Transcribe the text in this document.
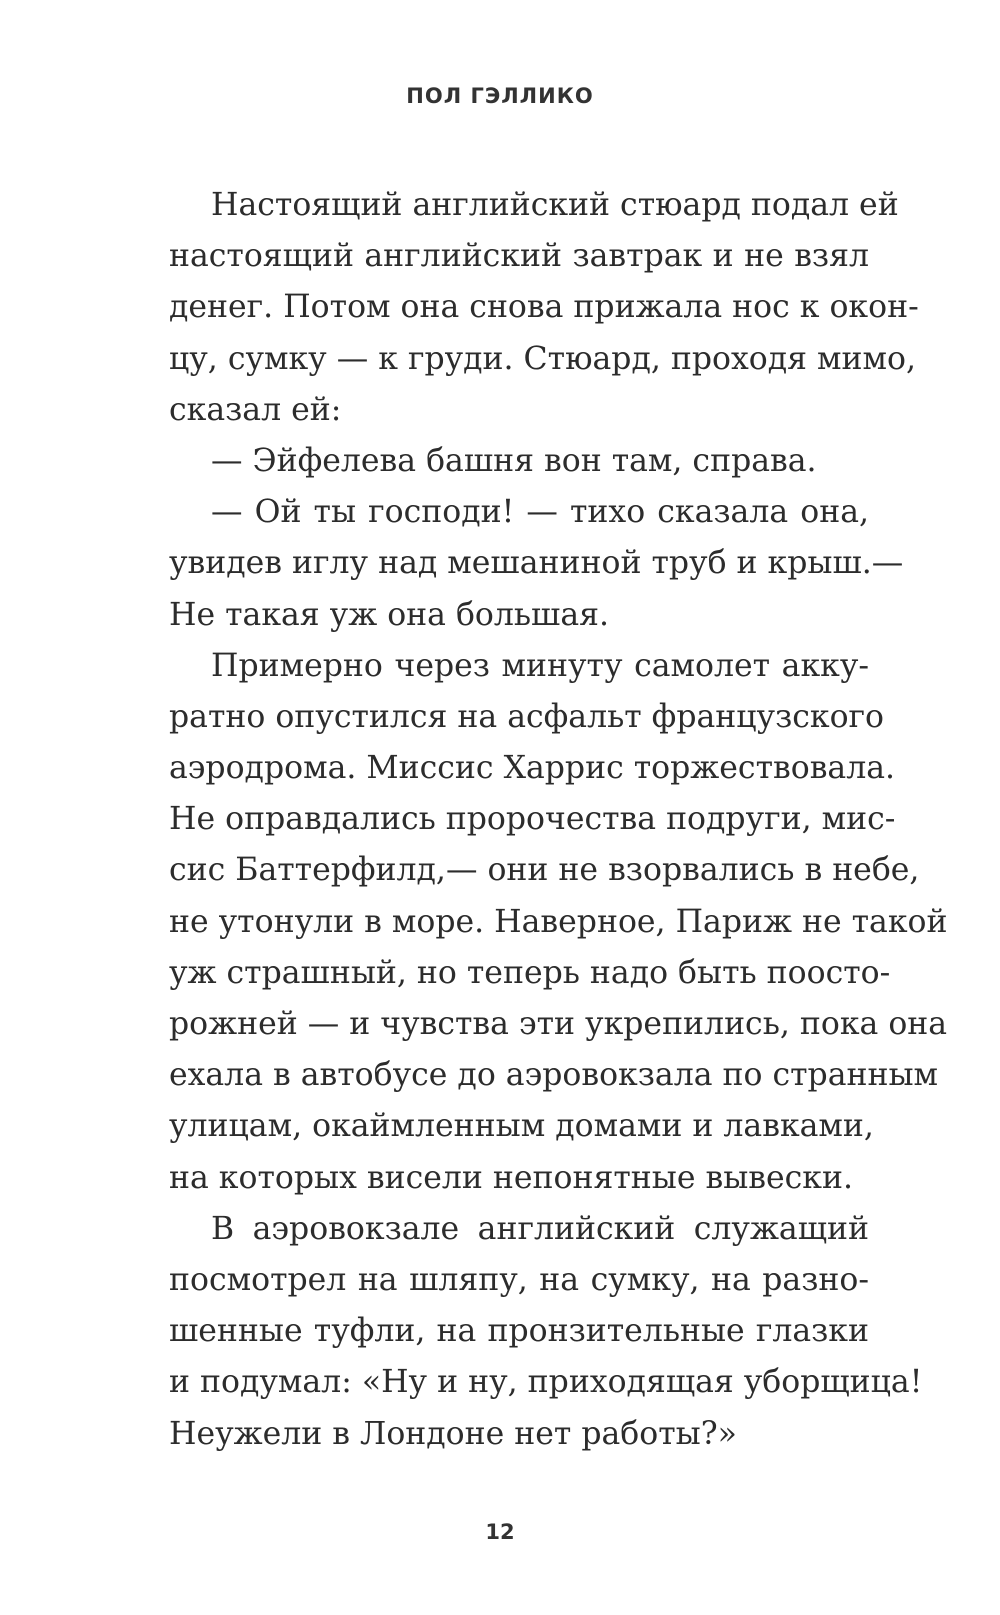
ПОЛ ГЭЛЛИКО
Настоящий английский стюард подал ей
настоящий английский завтрак и не взял
денег. Потом она снова прижала нос к окон-
цу, сумку — к груди. Стюард, проходя мимо,
сказал ей:
— Эйфелева башня вон там, справа.
— Ой ты господи! — тихо сказала она,
увидев иглу над мешаниной труб и крыш.—
Не такая уж она большая.
Примерно через минуту самолет акку-
ратно опустился на асфальт французского
аэродрома. Миссис Харрис торжествовала.
Не оправдались пророчества подруги, мис-
сис Баттерфилд,— они не взорвались в небе,
не утонули в море. Наверное, Париж не такой
уж страшный, но теперь надо быть поосто-
рожней — и чувства эти укрепились, пока она
ехала в автобусе до аэровокзала по странным
улицам, окаймленным домами и лавками,
на которых висели непонятные вывески.
В аэровокзале английский служащий
посмотрел на шляпу, на сумку, на разно-
шенные туфли, на пронзительные глазки
и подумал: «Ну и ну, приходящая уборщица!
Неужели в Лондоне нет работы?»
12
